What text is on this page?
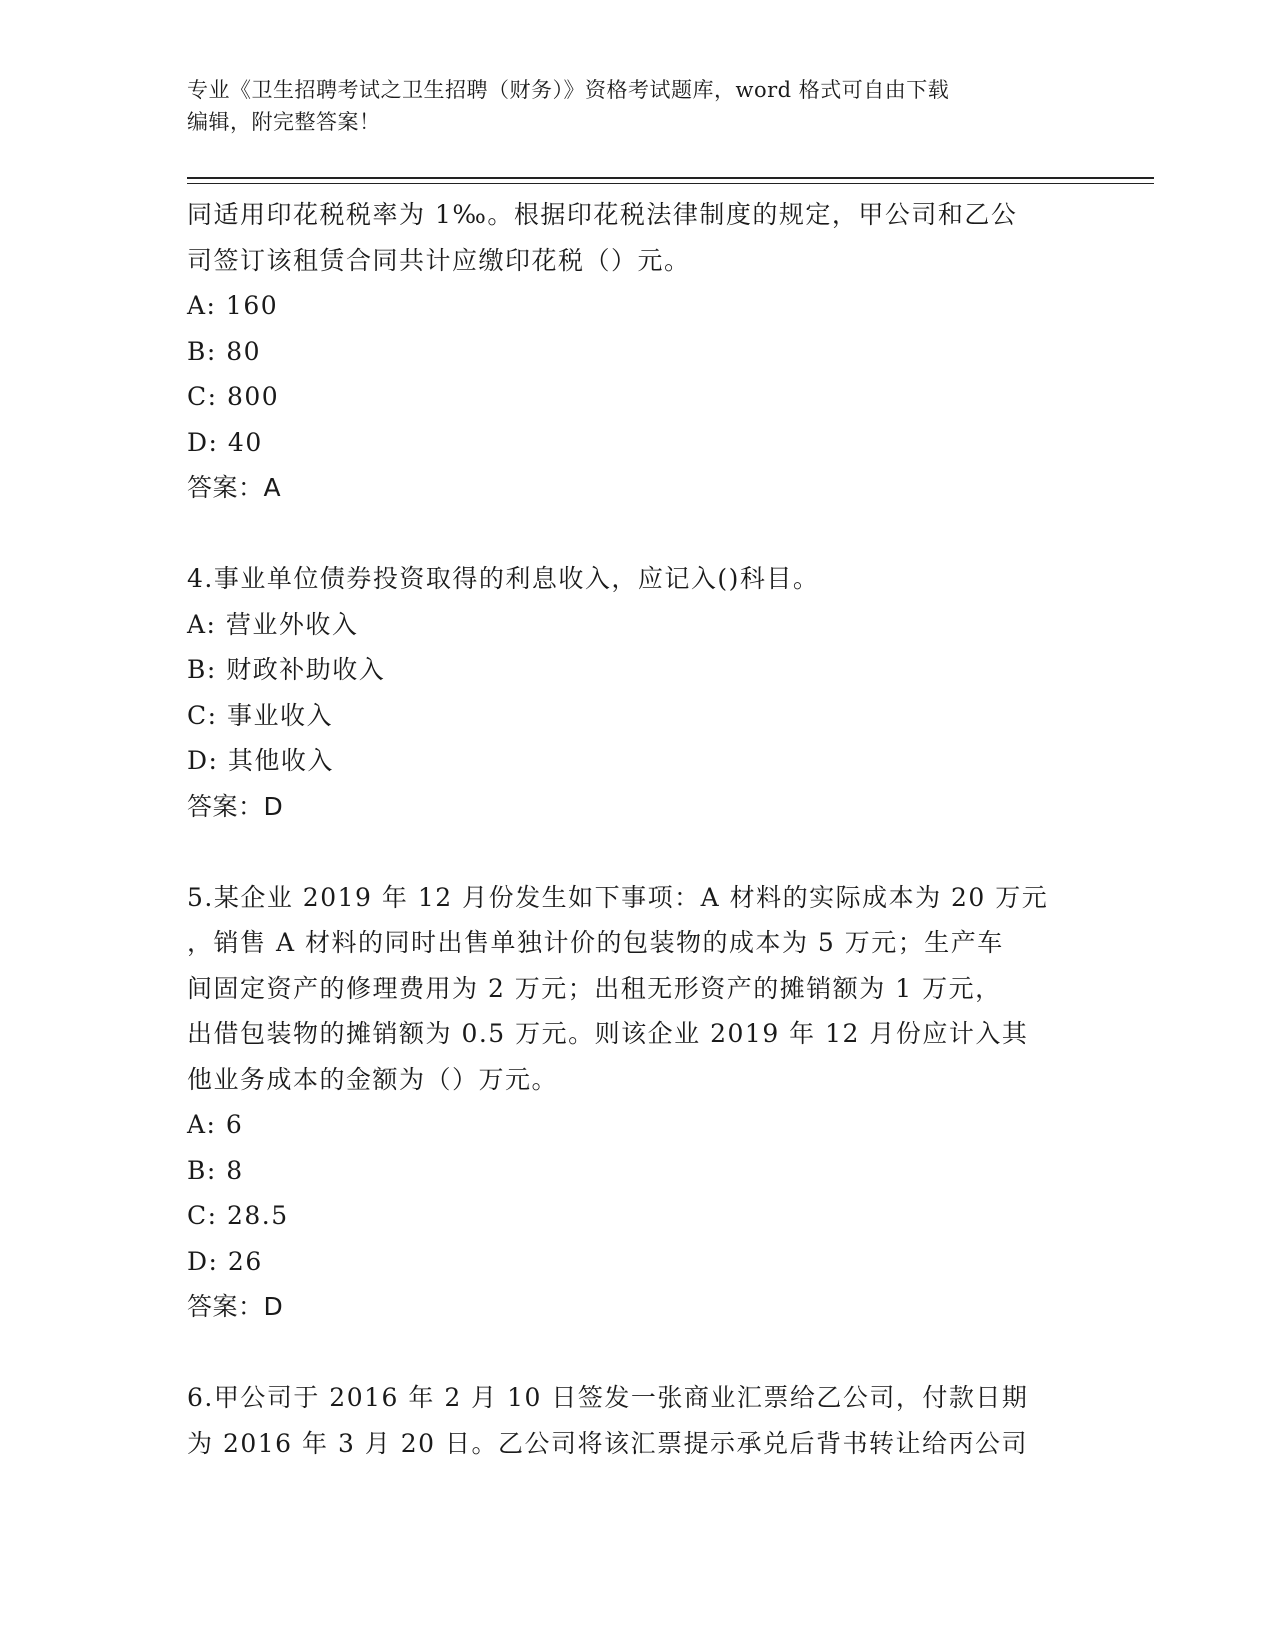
专业《卫生招聘考试之卫生招聘（财务）》资格考试题库，word 格式可自由下载
编辑，附完整答案！
同适用印花税税率为 1‰。根据印花税法律制度的规定，甲公司和乙公
司签订该租赁合同共计应缴印花税（）元。
A: 160
B: 80
C: 800
D: 40
答案：A
4.事业单位债券投资取得的利息收入，应记入()科目。
A: 营业外收入
B: 财政补助收入
C: 事业收入
D: 其他收入
答案：D
5.某企业 2019 年 12 月份发生如下事项：A 材料的实际成本为 20 万元
，销售 A 材料的同时出售单独计价的包装物的成本为 5 万元；生产车
间固定资产的修理费用为 2 万元；出租无形资产的摊销额为 1 万元，
出借包装物的摊销额为 0.5 万元。则该企业 2019 年 12 月份应计入其
他业务成本的金额为（）万元。
A: 6
B: 8
C: 28.5
D: 26
答案：D
6.甲公司于 2016 年 2 月 10 日签发一张商业汇票给乙公司，付款日期
为 2016 年 3 月 20 日。乙公司将该汇票提示承兑后背书转让给丙公司
